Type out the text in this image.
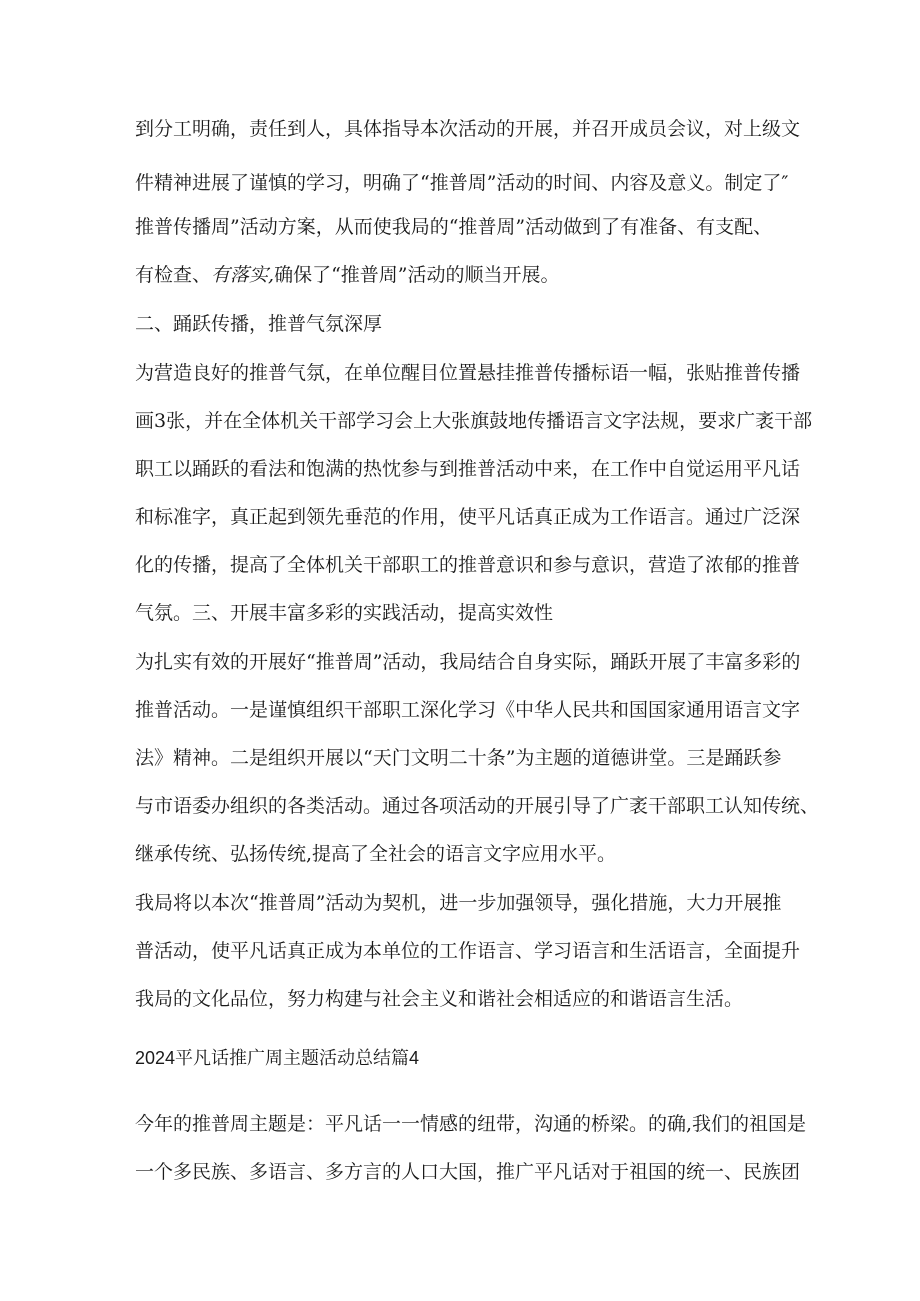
到分工明确，责任到人，具体指导本次活动的开展，并召开成员会议，对上级文

件精神进展了谨慎的学习，明确了“推普周”活动的时间、内容及意义。制定了″

推普传播周”活动方案，从而使我局的“推普周”活动做到了有准备、有支配、

有检查、有落实,确保了“推普周”活动的顺当开展。

二、踊跃传播，推普气氛深厚

为营造良好的推普气氛，在单位醒目位置悬挂推普传播标语一幅，张贴推普传播

画3张，并在全体机关干部学习会上大张旗鼓地传播语言文字法规，要求广袤干部

职工以踊跃的看法和饱满的热忱参与到推普活动中来，在工作中自觉运用平凡话

和标准字，真正起到领先垂范的作用，使平凡话真正成为工作语言。通过广泛深

化的传播，提高了全体机关干部职工的推普意识和参与意识，营造了浓郁的推普

气氛。三、开展丰富多彩的实践活动，提高实效性

为扎实有效的开展好“推普周”活动，我局结合自身实际，踊跃开展了丰富多彩的

推普活动。一是谨慎组织干部职工深化学习《中华人民共和国国家通用语言文字

法》精神。二是组织开展以“天门文明二十条”为主题的道德讲堂。三是踊跃参

与市语委办组织的各类活动。通过各项活动的开展引导了广袤干部职工认知传统、

继承传统、弘扬传统,提高了全社会的语言文字应用水平。

我局将以本次“推普周”活动为契机，进一步加强领导，强化措施，大力开展推

普活动，使平凡话真正成为本单位的工作语言、学习语言和生活语言，全面提升

我局的文化品位，努力构建与社会主义和谐社会相适应的和谐语言生活。

2024平凡话推广周主题活动总结篇4

今年的推普周主题是：平凡话一一情感的纽带，沟通的桥梁。的确,我们的祖国是

一个多民族、多语言、多方言的人口大国，推广平凡话对于祖国的统一、民族团
